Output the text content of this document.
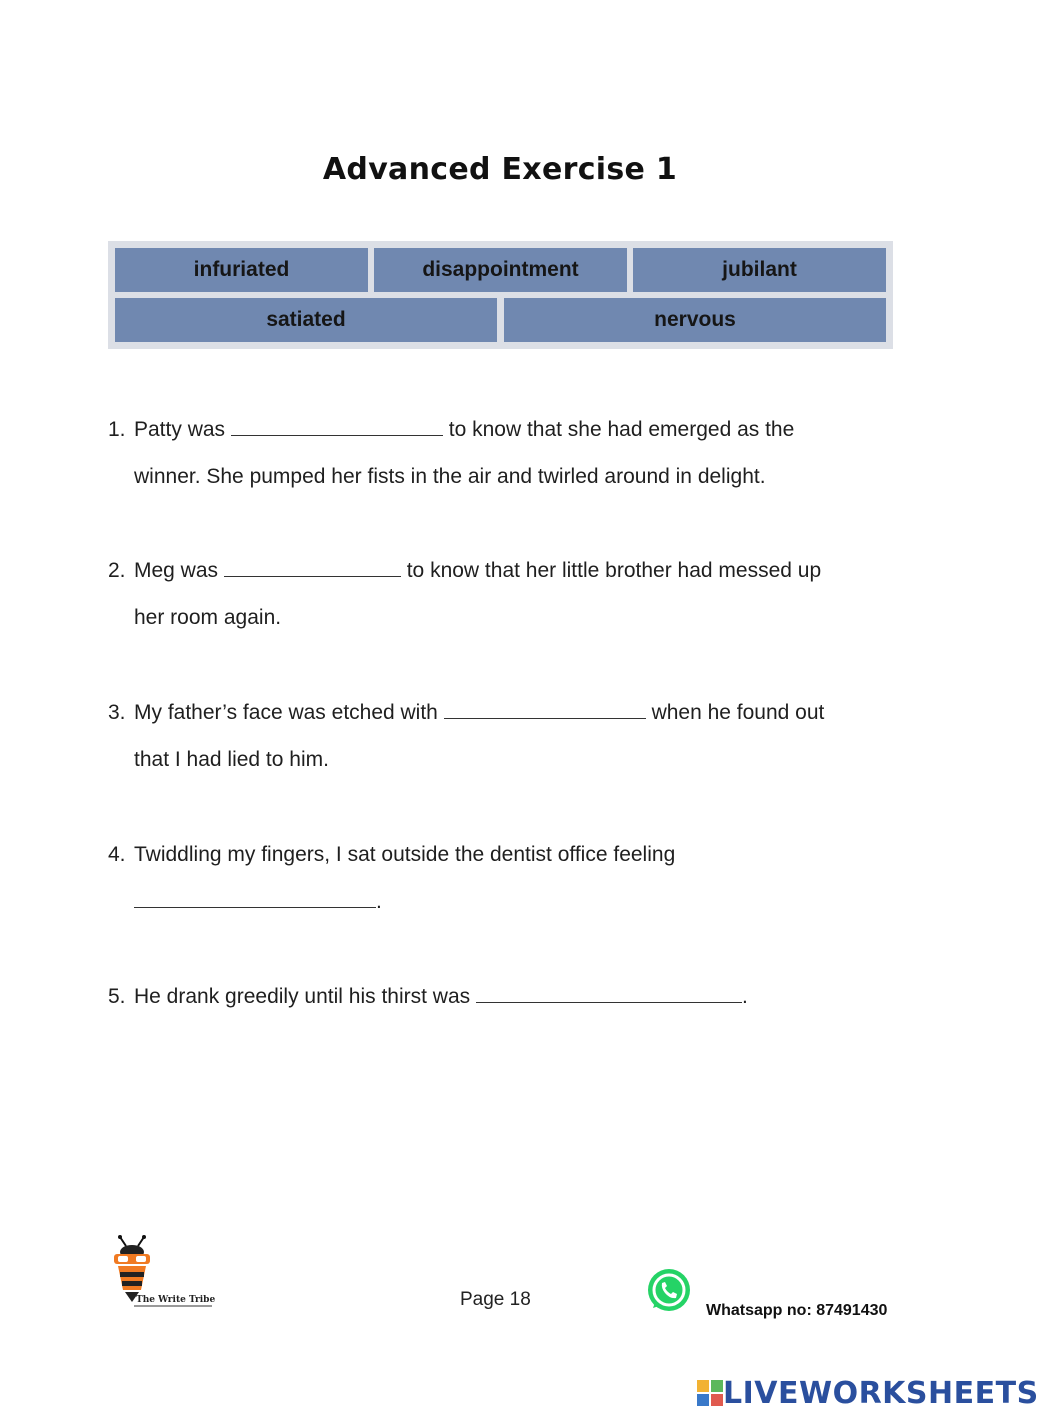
Advanced Exercise 1
infuriated	disappointment	jubilant
satiated	nervous
1. Patty was	to know that she had emerged as the
winner. She pumped her fists in the air and twirled around in delight.
2. Meg was	to know that her little brother had messed up
her room again.
3. My father’s face was etched with	when he found out
that I had lied to him.
4. Twiddling my fingers, I sat outside the dentist office feeling
.
5. He drank greedily until his thirst was	.
The Write Tribe	Page 18
Whatsapp no: 87491430
LIVEWORKSHEETS
